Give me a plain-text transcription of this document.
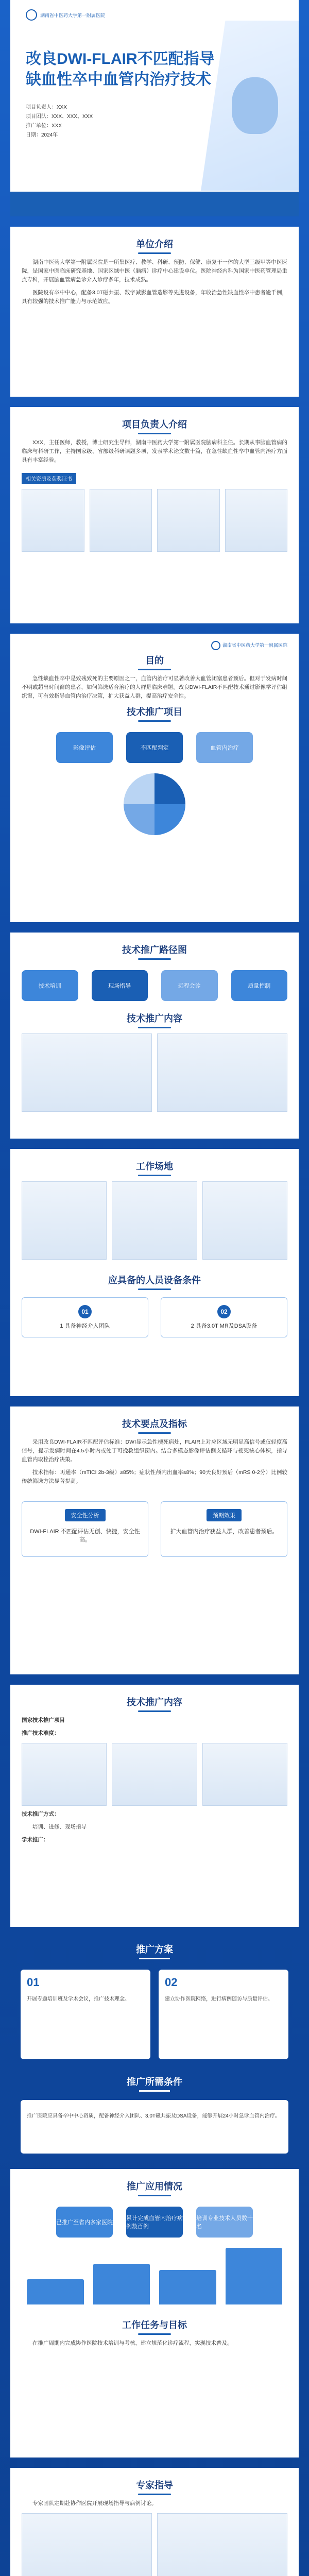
湖南省中医药大学第一附属医院
改良DWI-FLAIR不匹配指导缺血性卒中血管内治疗技术
项目负责人：XXX
项目团队：XXX、XXX、XXX
推广单位：XXX
日期：2024年
单位介绍

湖南中医药大学第一附属医院是一所集医疗、教学、科研、预防、保健、康复于一体的大型三级甲等中医医院，是国家中医临床研究基地、国家区域中医（脑病）诊疗中心建设单位。医院神经内科为国家中医药管理局重点专科，开展脑血管病急诊介入诊疗多年，技术成熟。

医院设有卒中中心，配备3.0T磁共振、数字减影血管造影等先进设备，年收治急性缺血性卒中患者逾千例，具有较强的技术推广能力与示范效应。

项目负责人介绍

XXX，主任医师，教授，博士研究生导师，湖南中医药大学第一附属医院脑病科主任。长期从事脑血管病的临床与科研工作，主持国家级、省部级科研课题多项，发表学术论文数十篇，在急性缺血性卒中血管内治疗方面具有丰富经验。

相关资质及获奖证书
湖南省中医药大学第一附属医院
目的

急性缺血性卒中是致残致死的主要原因之一，血管内治疗可显著改善大血管闭塞患者预后。但对于发病时间不明或超出时间窗的患者，如何筛选适合治疗的人群是临床难题。改良DWI-FLAIR不匹配技术通过影像学评估组织窗，可有效指导血管内治疗决策，扩大获益人群，提高治疗安全性。

技术推广项目
影像评估	不匹配判定	血管内治疗
技术推广路径图
技术培训	现场指导	远程会诊	质量控制
技术推广内容
工作场地
应具备的人员设备条件
01
1 具备神经介入团队
02
2 具备3.0T MR及DSA设备
技术要点及指标

采用改良DWI-FLAIR不匹配评估标准：DWI显示急性梗死病灶，FLAIR上对应区域无明显高信号或仅轻度高信号，提示发病时间在4.5小时内或处于可挽救组织窗内。结合多模态影像评估侧支循环与梗死核心体积，指导血管内取栓治疗决策。

技术指标：再通率（mTICI 2b-3级）≥85%；症状性颅内出血率≤8%；90天良好预后（mRS 0-2分）比例较传统筛选方法显著提高。

安全性分析

DWI-FLAIR 不匹配评估无创、快捷，安全性高。

预期效果

扩大血管内治疗获益人群，改善患者预后。

技术推广内容

国家技术推广项目

推广技术难度：

技术推广方式：

培训、进修、现场指导

学术推广：

推广方案
01

开展专题培训班及学术会议，推广技术理念。

02

建立协作医院网络，进行病例随访与质量评估。

推广所需条件

推广医院应具备卒中中心资质，配备神经介入团队、3.0T磁共振及DSA设备，能够开展24小时急诊血管内治疗。

推广应用情况
已推广至省内多家医院
累计完成血管内治疗病例数百例
培训专业技术人员数十名
工作任务与目标

在推广周期内完成协作医院技术培训与考核，建立规范化诊疗流程，实现技术普及。

专家指导

专家团队定期赴协作医院开展现场指导与病例讨论。
